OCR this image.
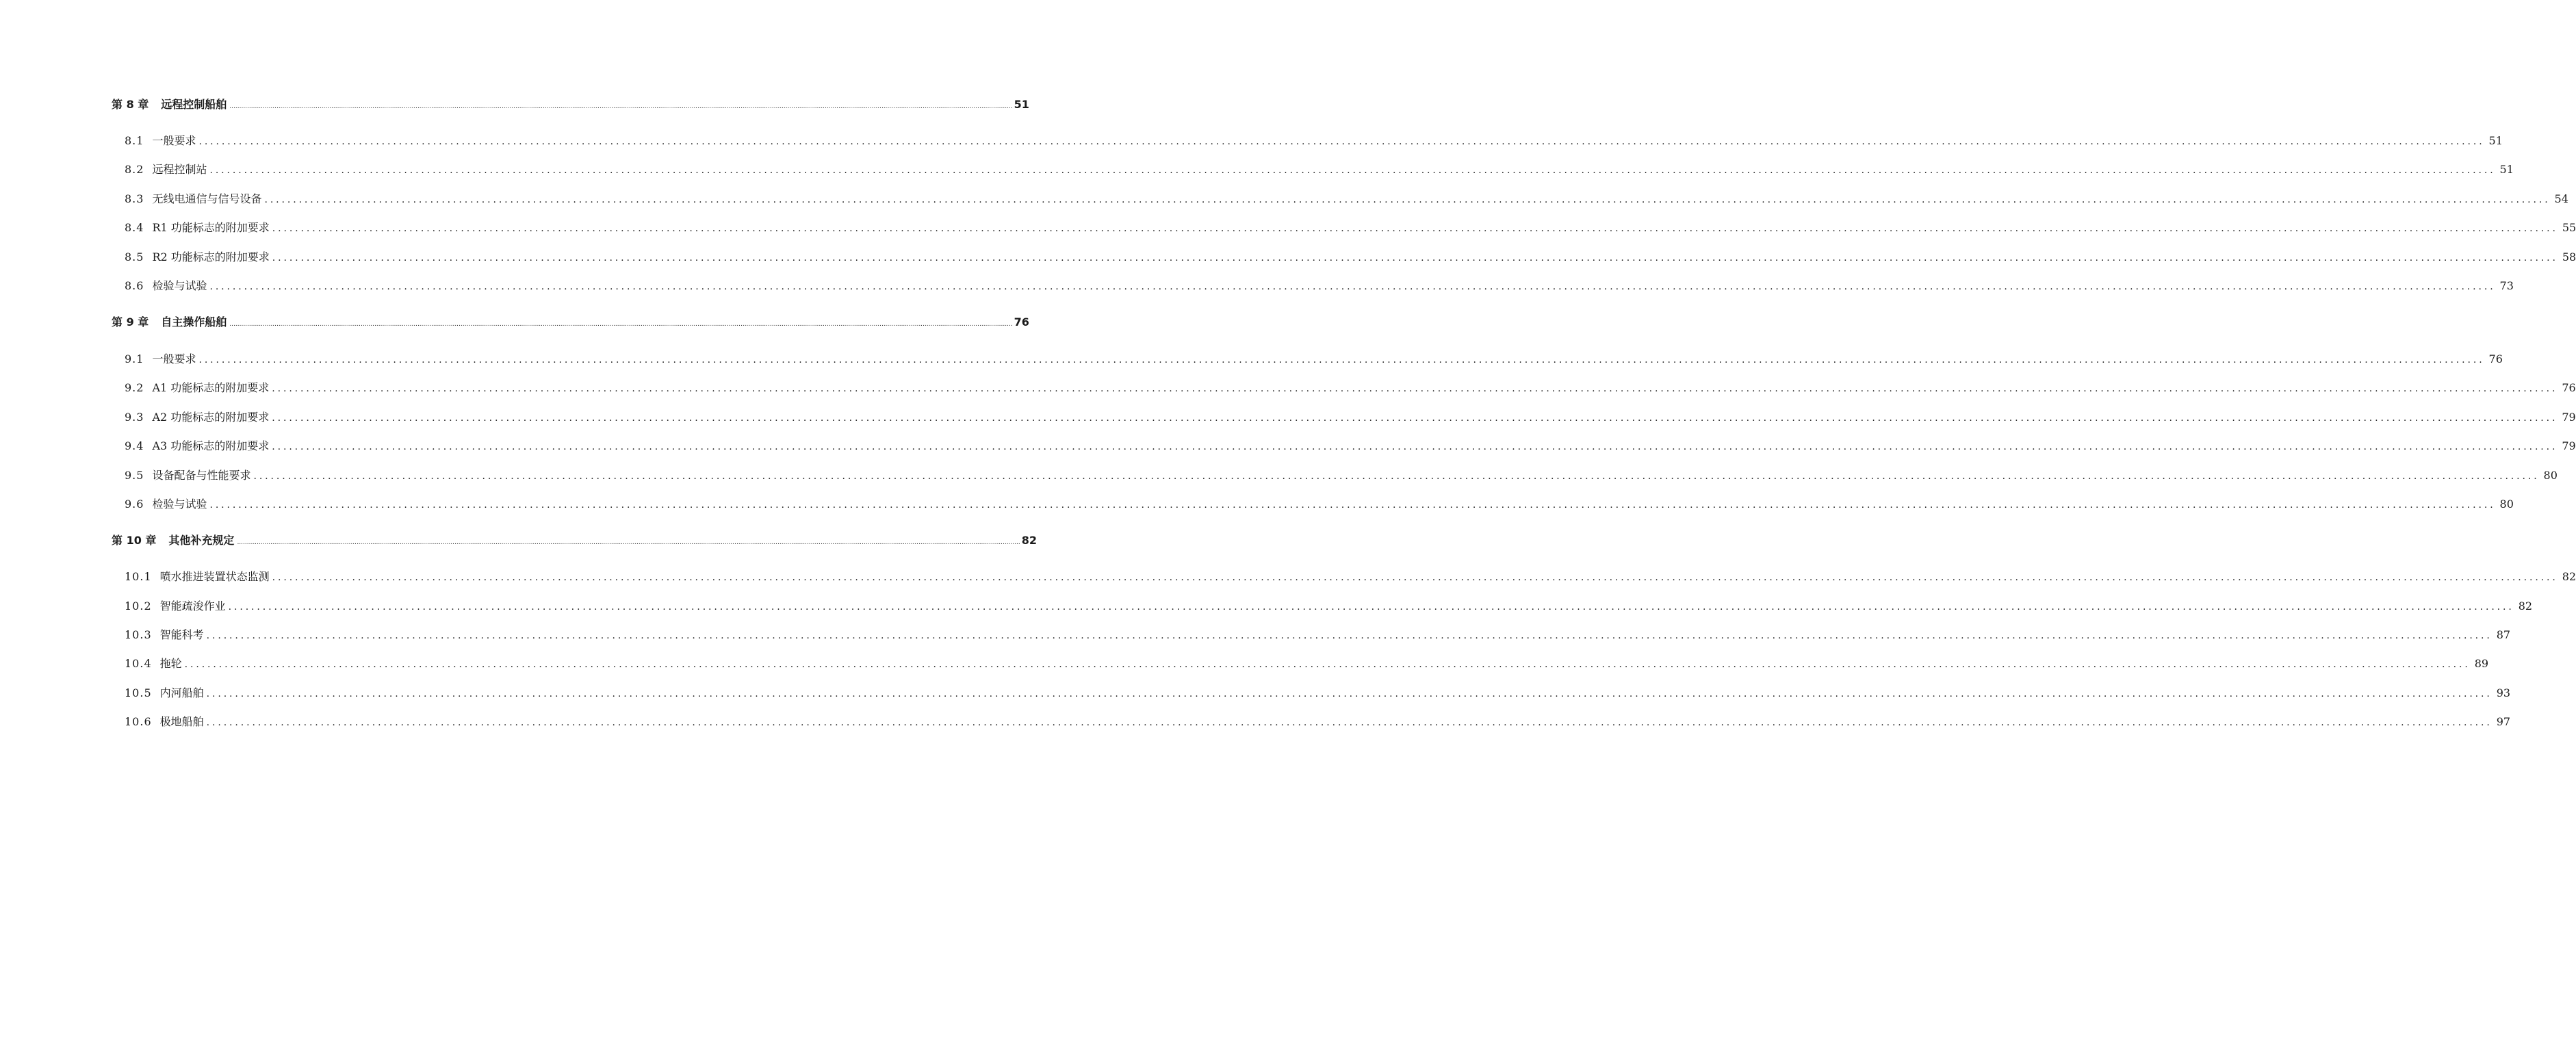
第 8 章 远程控制船舶 ................................................................................................................................................................................................................................................................................................................................................................................................................ 51
8.1 一般要求 ................................................................................................................................................................................................................................................................................................................................................................................................................ 51
8.2 远程控制站 ................................................................................................................................................................................................................................................................................................................................................................................................................ 51
8.3 无线电通信与信号设备 ................................................................................................................................................................................................................................................................................................................................................................................................................ 54
8.4 R1 功能标志的附加要求 ................................................................................................................................................................................................................................................................................................................................................................................................................ 55
8.5 R2 功能标志的附加要求 ................................................................................................................................................................................................................................................................................................................................................................................................................ 58
8.6 检验与试验 ................................................................................................................................................................................................................................................................................................................................................................................................................ 73
第 9 章 自主操作船舶 ................................................................................................................................................................................................................................................................................................................................................................................................................ 76
9.1 一般要求 ................................................................................................................................................................................................................................................................................................................................................................................................................ 76
9.2 A1 功能标志的附加要求 ................................................................................................................................................................................................................................................................................................................................................................................................................ 76
9.3 A2 功能标志的附加要求 ................................................................................................................................................................................................................................................................................................................................................................................................................ 79
9.4 A3 功能标志的附加要求 ................................................................................................................................................................................................................................................................................................................................................................................................................ 79
9.5 设备配备与性能要求 ................................................................................................................................................................................................................................................................................................................................................................................................................ 80
9.6 检验与试验 ................................................................................................................................................................................................................................................................................................................................................................................................................ 80
第 10 章 其他补充规定 ................................................................................................................................................................................................................................................................................................................................................................................................................ 82
10.1 喷水推进装置状态监测 ................................................................................................................................................................................................................................................................................................................................................................................................................ 82
10.2 智能疏浚作业 ................................................................................................................................................................................................................................................................................................................................................................................................................ 82
10.3 智能科考 ................................................................................................................................................................................................................................................................................................................................................................................................................ 87
10.4 拖轮 ................................................................................................................................................................................................................................................................................................................................................................................................................ 89
10.5 内河船舶 ................................................................................................................................................................................................................................................................................................................................................................................................................ 93
10.6 极地船舶 ................................................................................................................................................................................................................................................................................................................................................................................................................ 97
